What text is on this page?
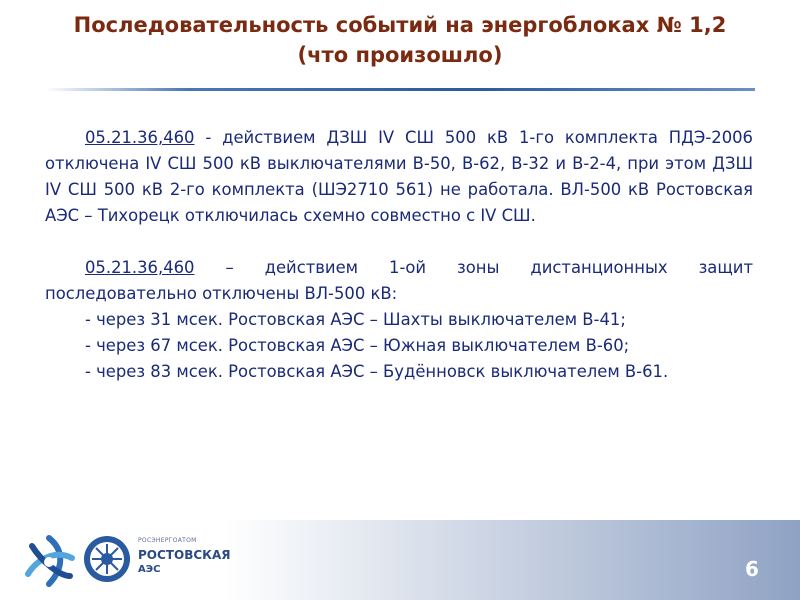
Последовательность событий на энергоблоках № 1,2
(что произошло)

05.21.36,460 - действием ДЗШ IV СШ 500 кВ 1-го комплекта ПДЭ-2006 отключена IV СШ 500 кВ выключателями В-50, В-62, В-32 и В-2-4, при этом ДЗШ IV СШ 500 кВ 2-го комплекта (ШЭ2710 561) не работала. ВЛ-500 кВ Ростовская АЭС – Тихорецк отключилась схемно совместно с IV СШ.

05.21.36,460 – действием 1-ой зоны дистанционных защит последовательно отключены ВЛ-500 кВ:

- через 31 мсек. Ростовская АЭС – Шахты выключателем В-41;

- через 67 мсек. Ростовская АЭС – Южная выключателем В-60;

- через 83 мсек. Ростовская АЭС – Будённовск выключателем В-61.

РОСЭНЕРГОАТОМ
РОСТОВСКАЯ
АЭС	6
